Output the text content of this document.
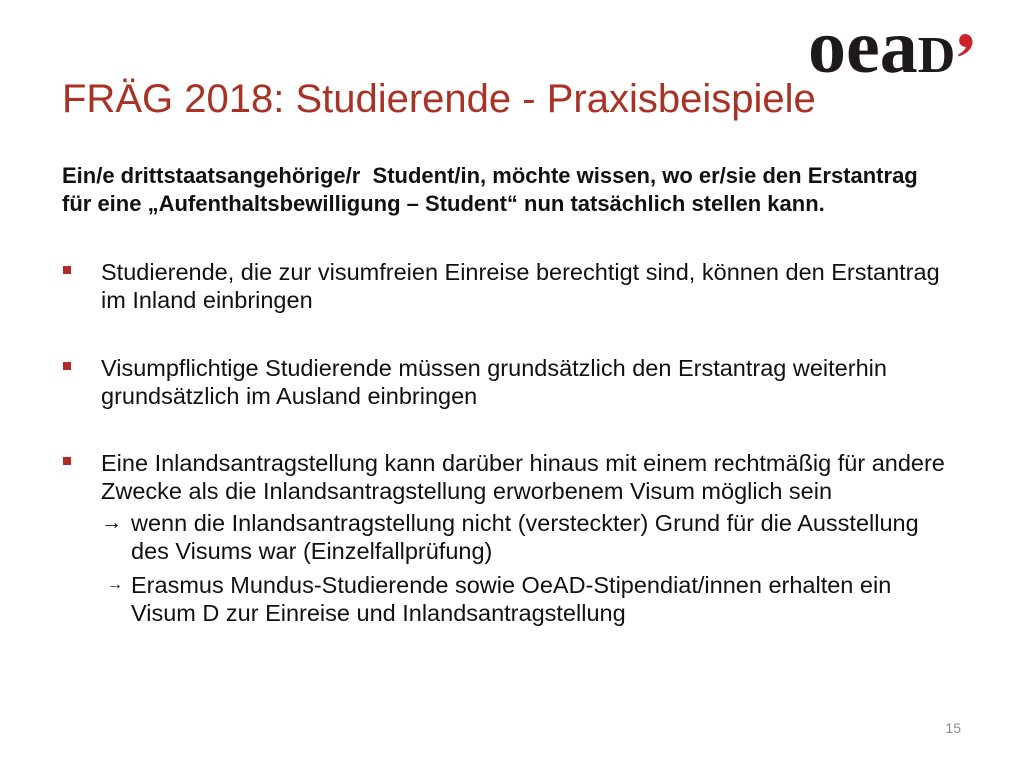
oeaD
FRÄG 2018: Studierende - Praxisbeispiele

Ein/e drittstaatsangehörige/r  Student/in, möchte wissen, wo er/sie den Erstantrag für eine „Aufenthaltsbewilligung – Student“ nun tatsächlich stellen kann.

Studierende, die zur visumfreien Einreise berechtigt sind, können den Erstantrag im Inland einbringen
Visumpflichtige Studierende müssen grundsätzlich den Erstantrag weiterhin grundsätzlich im Ausland einbringen
Eine Inlandsantragstellung kann darüber hinaus mit einem rechtmäßig für andere Zwecke als die Inlandsantragstellung erworbenem Visum möglich sein
→ wenn die Inlandsantragstellung nicht (versteckter) Grund für die Ausstellung des Visums war (Einzelfallprüfung)
→ Erasmus Mundus-Studierende sowie OeAD-Stipendiat/innen erhalten ein Visum D zur Einreise und Inlandsantragstellung
15
